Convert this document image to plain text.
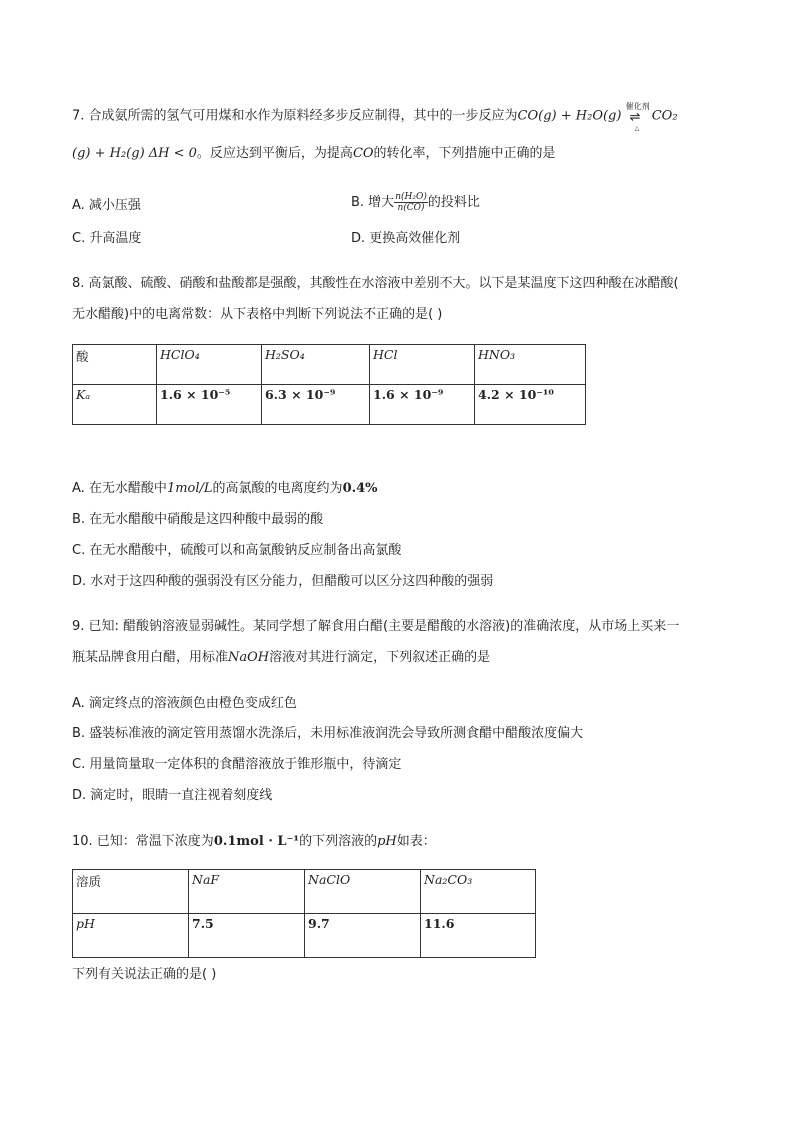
7. 合成氨所需的氢气可用煤和水作为原料经多步反应制得，其中的一步反应为CO(g) + H₂O(g)
催化剂
⇌
△
CO₂
(g) + H₂(g) ΔH < 0。反应达到平衡后，为提高CO的转化率，下列措施中正确的是
A. 减小压强	B. 增大 $\frac{\text{n(H₂O)}}{n(CO)}$ 的投料比
C. 升高温度	D. 更换高效催化剂
8. 高氯酸、硫酸、硝酸和盐酸都是强酸，其酸性在水溶液中差别不大。以下是某温度下这四种酸在冰醋酸(
无水醋酸)中的电离常数：从下表格中判断下列说法不正确的是( )
酸	HClO₄	H₂SO₄	HCl	HNO₃
Kₐ	1.6 × 10⁻⁵	6.3 × 10⁻⁹	1.6 × 10⁻⁹	4.2 × 10⁻¹⁰
A. 在无水醋酸中1mol/L的高氯酸的电离度约为0.4%
B. 在无水醋酸中硝酸是这四种酸中最弱的酸
C. 在无水醋酸中，硫酸可以和高氯酸钠反应制备出高氯酸
D. 水对于这四种酸的强弱没有区分能力，但醋酸可以区分这四种酸的强弱
9. 已知: 醋酸钠溶液显弱碱性。某同学想了解食用白醋(主要是醋酸的水溶液)的准确浓度，从市场上买来一
瓶某品牌食用白醋，用标准NaOH溶液对其进行滴定，下列叙述正确的是
A. 滴定终点的溶液颜色由橙色变成红色
B. 盛装标准液的滴定管用蒸馏水洗涤后，未用标准液润洗会导致所测食醋中醋酸浓度偏大
C. 用量筒量取一定体积的食醋溶液放于锥形瓶中，待滴定
D. 滴定时，眼睛一直注视着刻度线
10. 已知：常温下浓度为0.1mol · L⁻¹的下列溶液的pH如表：
溶质	NaF	NaClO	Na₂CO₃
pH	7.5	9.7	11.6
下列有关说法正确的是( )
